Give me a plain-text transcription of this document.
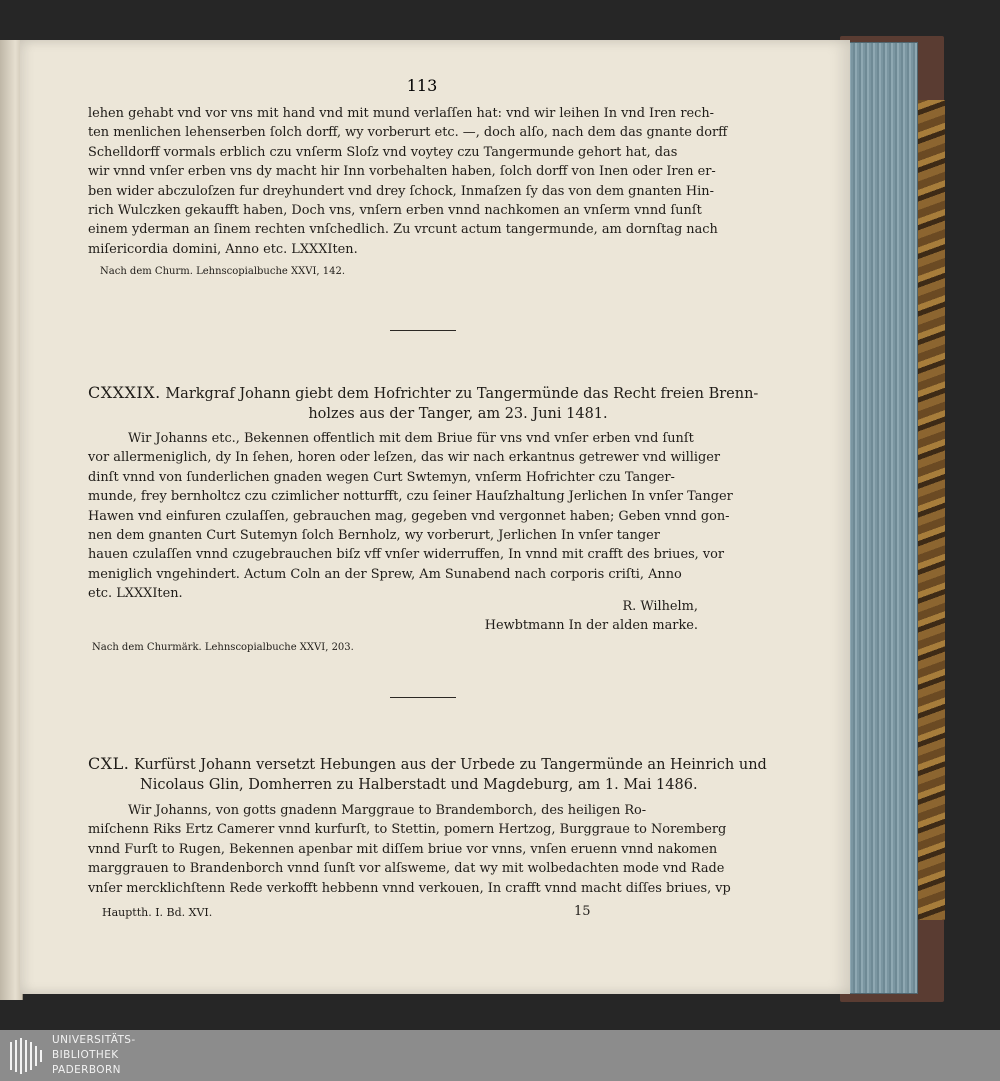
113

lehen gehabt vnd vor vns mit hand vnd mit mund verlaſſen hat: vnd wir leihen In vnd Iren rech-

ten menlichen lehenserben ſolch dorff, wy vorberurt etc. —, doch alſo, nach dem das gnante dorff

Schelldorff vormals erblich czu vnſerm Sloſz vnd voytey czu Tangermunde gehort hat, das

wir vnnd vnſer erben vns dy macht hir Inn vorbehalten haben, ſolch dorff von Inen oder Iren er-

ben wider abczuloſzen fur dreyhundert vnd drey ſchock, Inmaſzen ſy das von dem gnanten Hin-

rich Wulczken gekaufft haben, Doch vns, vnſern erben vnnd nachkomen an vnſerm vnnd ſunſt

einem yderman an ſinem rechten vnſchedlich. Zu vrcunt actum tangermunde, am dornſtag nach

miſericordia domini, Anno etc. LXXXIten.

Nach dem Churm. Lehnscopialbuche XXVI, 142.
CXXXIX. Markgraf Johann giebt dem Hofrichter zu Tangermünde das Recht freien Brenn-
holzes aus der Tanger, am 23. Juni 1481.

Wir Johanns etc., Bekennen offentlich mit dem Briue für vns vnd vnſer erben vnd ſunſt

vor allermeniglich, dy In ſehen, horen oder leſzen, das wir nach erkantnus getrewer vnd williger

dinſt vnnd von ſunderlichen gnaden wegen Curt Swtemyn, vnſerm Hofrichter czu Tanger-

munde, frey bernholtcz czu czimlicher notturfft, czu ſeiner Hauſzhaltung Jerlichen In vnſer Tanger

Hawen vnd einfuren czulaſſen, gebrauchen mag, gegeben vnd vergonnet haben; Geben vnnd gon-

nen dem gnanten Curt Sutemyn ſolch Bernholz, wy vorberurt, Jerlichen In vnſer tanger

hauen czulaſſen vnnd czugebrauchen biſz vff vnſer widerruffen, In vnnd mit crafft des briues, vor

meniglich vngehindert. Actum Coln an der Sprew, Am Sunabend nach corporis criſti, Anno

etc. LXXXIten.

R. Wilhelm,
Hewbtmann In der alden marke.
Nach dem Churmärk. Lehnscopialbuche XXVI, 203.
CXL. Kurfürst Johann versetzt Hebungen aus der Urbede zu Tangermünde an Heinrich und
Nicolaus Glin, Domherren zu Halberstadt und Magdeburg, am 1. Mai 1486.

Wir Johanns, von gotts gnadenn Marggraue to Brandemborch, des heiligen Ro-

miſchenn Riks Ertz Camerer vnnd kurfurſt, to Stettin, pomern Hertzog, Burggraue to Noremberg

vnnd Furſt to Rugen, Bekennen apenbar mit diſſem briue vor vnns, vnſen eruenn vnnd nakomen

marggrauen to Brandenborch vnnd ſunſt vor alſsweme, dat wy mit wolbedachten mode vnd Rade

vnſer mercklichſtenn Rede verkofft hebbenn vnnd verkouen, In crafft vnnd macht diſſes briues, vp

Hauptth. I. Bd. XVI.	15
UNIVERSITÄTS-
BIBLIOTHEK
PADERBORN
